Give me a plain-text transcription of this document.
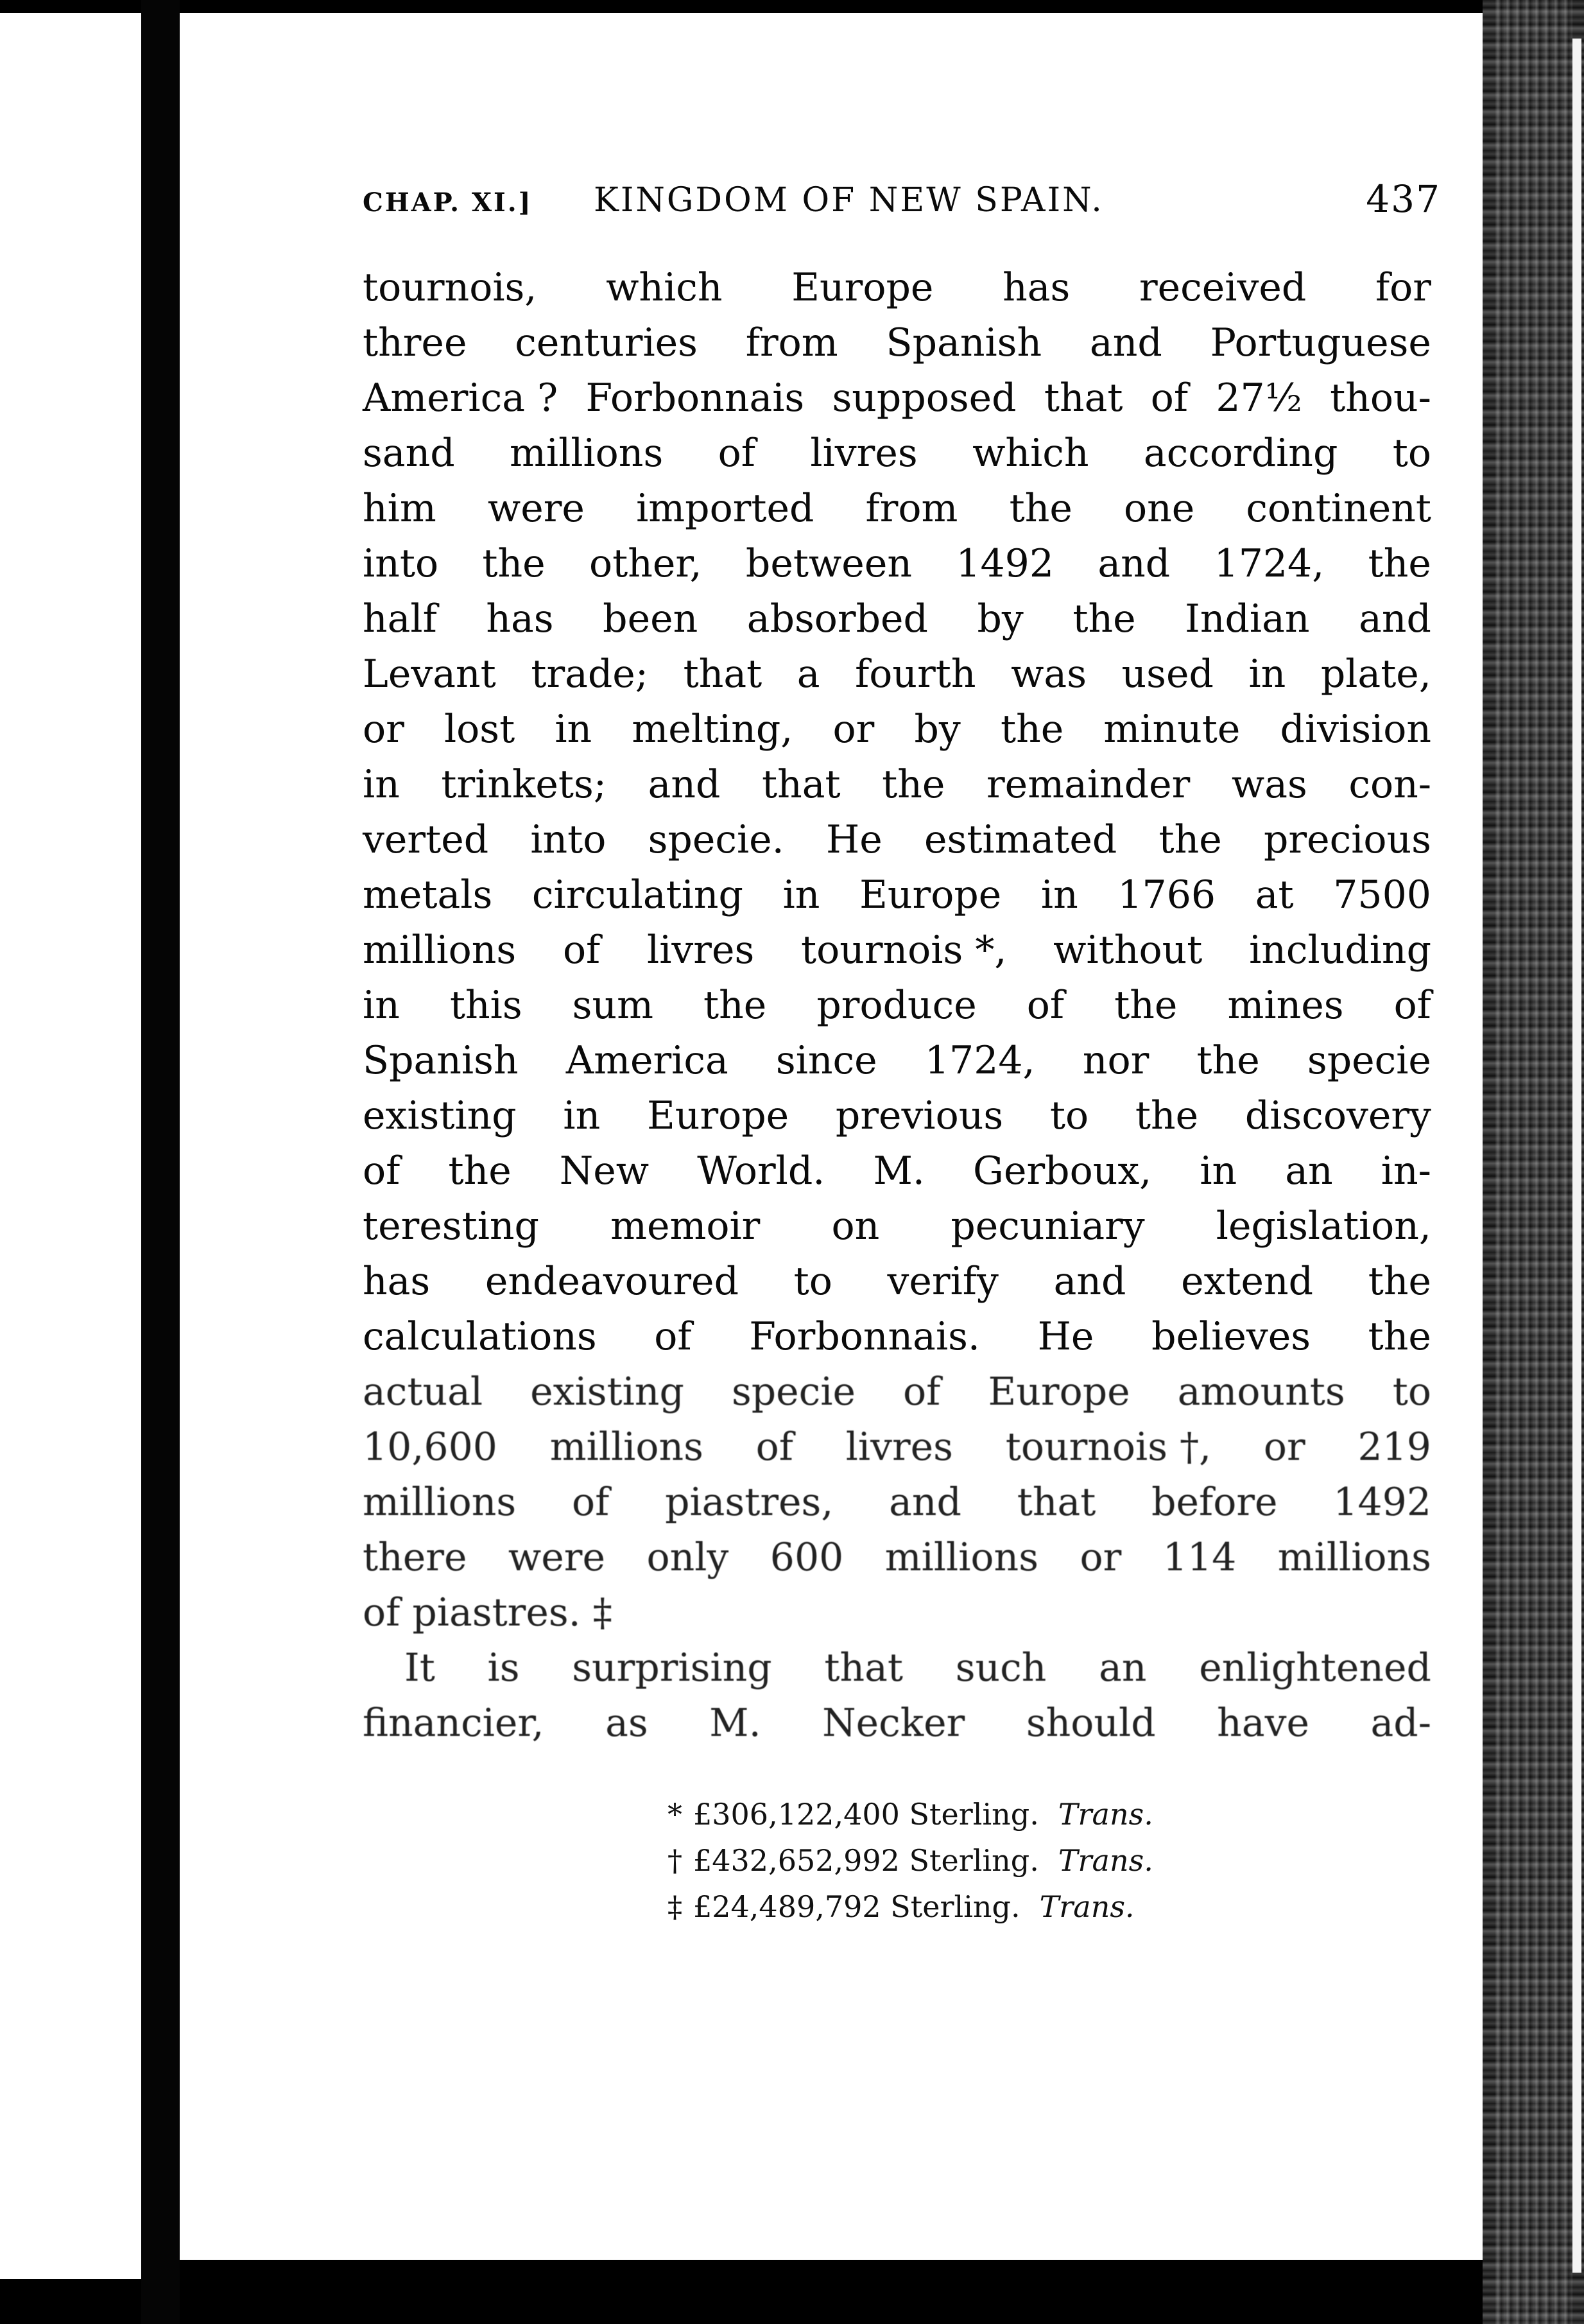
CHAP. XI.] KINGDOM OF NEW SPAIN.	437
tournois, which Europe has received for
three centuries from Spanish and Portuguese
America ? Forbonnais supposed that of 27½ thou-
sand millions of livres which according to
him were imported from the one continent
into the other, between 1492 and 1724, the
half has been absorbed by the Indian and
Levant trade; that a fourth was used in plate,
or lost in melting, or by the minute division
in trinkets; and that the remainder was con-
verted into specie. He estimated the precious
metals circulating in Europe in 1766 at 7500
millions of livres tournois *, without including
in this sum the produce of the mines of
Spanish America since 1724, nor the specie
existing in Europe previous to the discovery
of the New World. M. Gerboux, in an in-
teresting memoir on pecuniary legislation,
has endeavoured to verify and extend the
calculations of Forbonnais. He believes the
actual existing specie of Europe amounts to
10,600 millions of livres tournois †, or 219
millions of piastres, and that before 1492
there were only 600 millions or 114 millions
of piastres. ‡
It is surprising that such an enlightened
financier, as M. Necker should have ad-
* £306,122,400 Sterling. Trans.
† £432,652,992 Sterling. Trans.
‡ £24,489,792 Sterling. Trans.
